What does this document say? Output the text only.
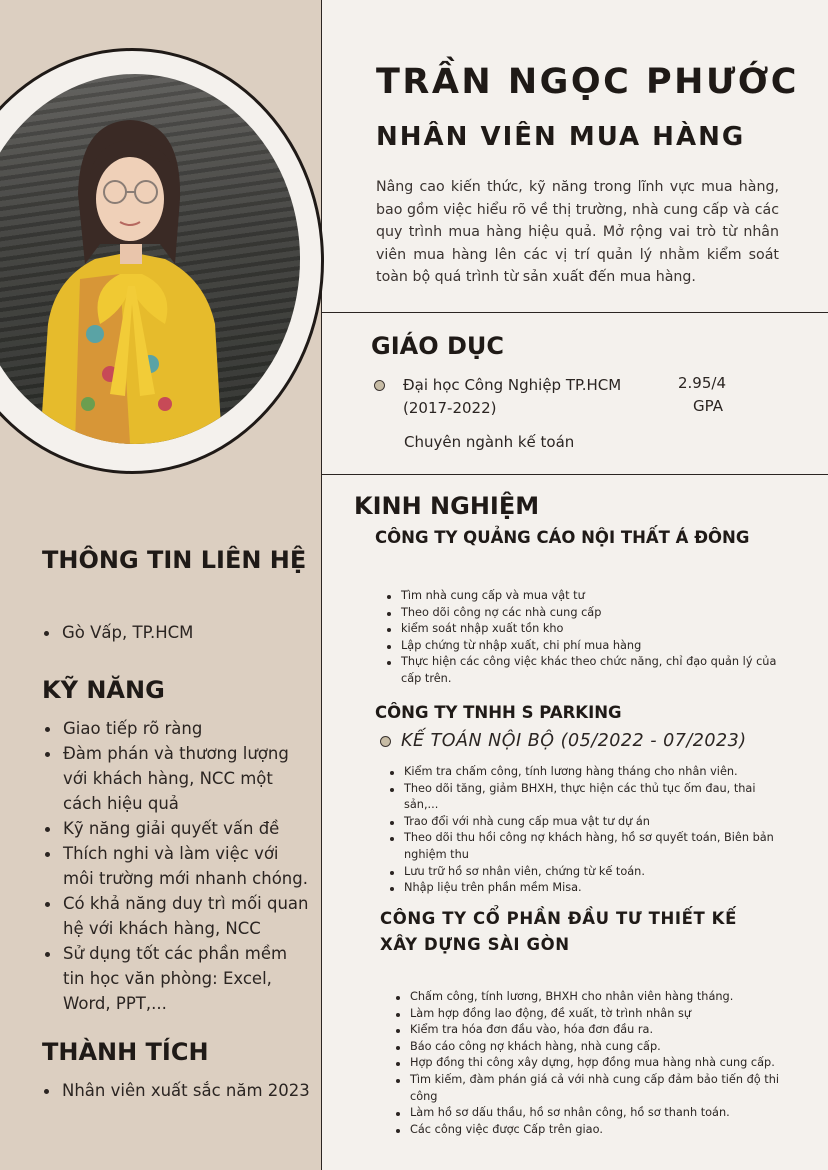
TRẦN NGỌC PHƯỚC
NHÂN VIÊN MUA HÀNG
Nâng cao kiến thức, kỹ năng trong lĩnh vực mua hàng, bao gồm việc hiểu rõ về thị trường, nhà cung cấp và các quy trình mua hàng hiệu quả. Mở rộng vai trò từ nhân viên mua hàng lên các vị trí quản lý nhằm kiểm soát toàn bộ quá trình từ sản xuất đến mua hàng.
GIÁO DỤC
Đại học Công Nghiệp TP.HCM
(2017-2022)
2.95/4
GPA
Chuyên ngành kế toán
KINH NGHIỆM
CÔNG TY QUẢNG CÁO NỘI THẤT Á ĐÔNG
Tìm nhà cung cấp và mua vật tư
Theo dõi công nợ các nhà cung cấp
kiểm soát nhập xuất tồn kho
Lập chứng từ nhập xuất, chi phí mua hàng
Thực hiện các công việc khác theo chức năng, chỉ đạo quản lý của cấp trên.
CÔNG TY TNHH S PARKING
KẾ TOÁN NỘI BỘ (05/2022 - 07/2023)
Kiểm tra chấm công, tính lương hàng tháng cho nhân viên.
Theo dõi tăng, giảm BHXH, thực hiện các thủ tục ốm đau, thai sản,...
Trao đổi với nhà cung cấp mua vật tư dự án
Theo dõi thu hồi công nợ khách hàng, hồ sơ quyết toán, Biên bản nghiệm thu
Lưu trữ hồ sơ nhân viên, chứng từ kế toán.
Nhập liệu trên phần mềm Misa.
CÔNG TY CỔ PHẦN ĐẦU TƯ THIẾT KẾ
XÂY DỰNG SÀI GÒN
Chấm công, tính lương, BHXH cho nhân viên hàng tháng.
Làm hợp đồng lao động, đề xuất, tờ trình nhân sự
Kiểm tra hóa đơn đầu vào, hóa đơn đầu ra.
Báo cáo công nợ khách hàng, nhà cung cấp.
Hợp đồng thi công xây dựng, hợp đồng mua hàng nhà cung cấp.
Tìm kiếm, đàm phán giá cả với nhà cung cấp đảm bảo tiến độ thi công
Làm hồ sơ dấu thầu, hồ sơ nhân công, hồ sơ thanh toán.
Các công việc được Cấp trên giao.
THÔNG TIN LIÊN HỆ
Gò Vấp, TP.HCM
KỸ NĂNG
Giao tiếp rõ ràng
Đàm phán và thương lượng với khách hàng, NCC một cách hiệu quả
Kỹ năng giải quyết vấn đề
Thích nghi và làm việc với môi trường mới nhanh chóng.
Có khả năng duy trì mối quan hệ với khách hàng, NCC
Sử dụng tốt các phần mềm tin học văn phòng: Excel, Word, PPT,...
THÀNH TÍCH
Nhân viên xuất sắc năm 2023
